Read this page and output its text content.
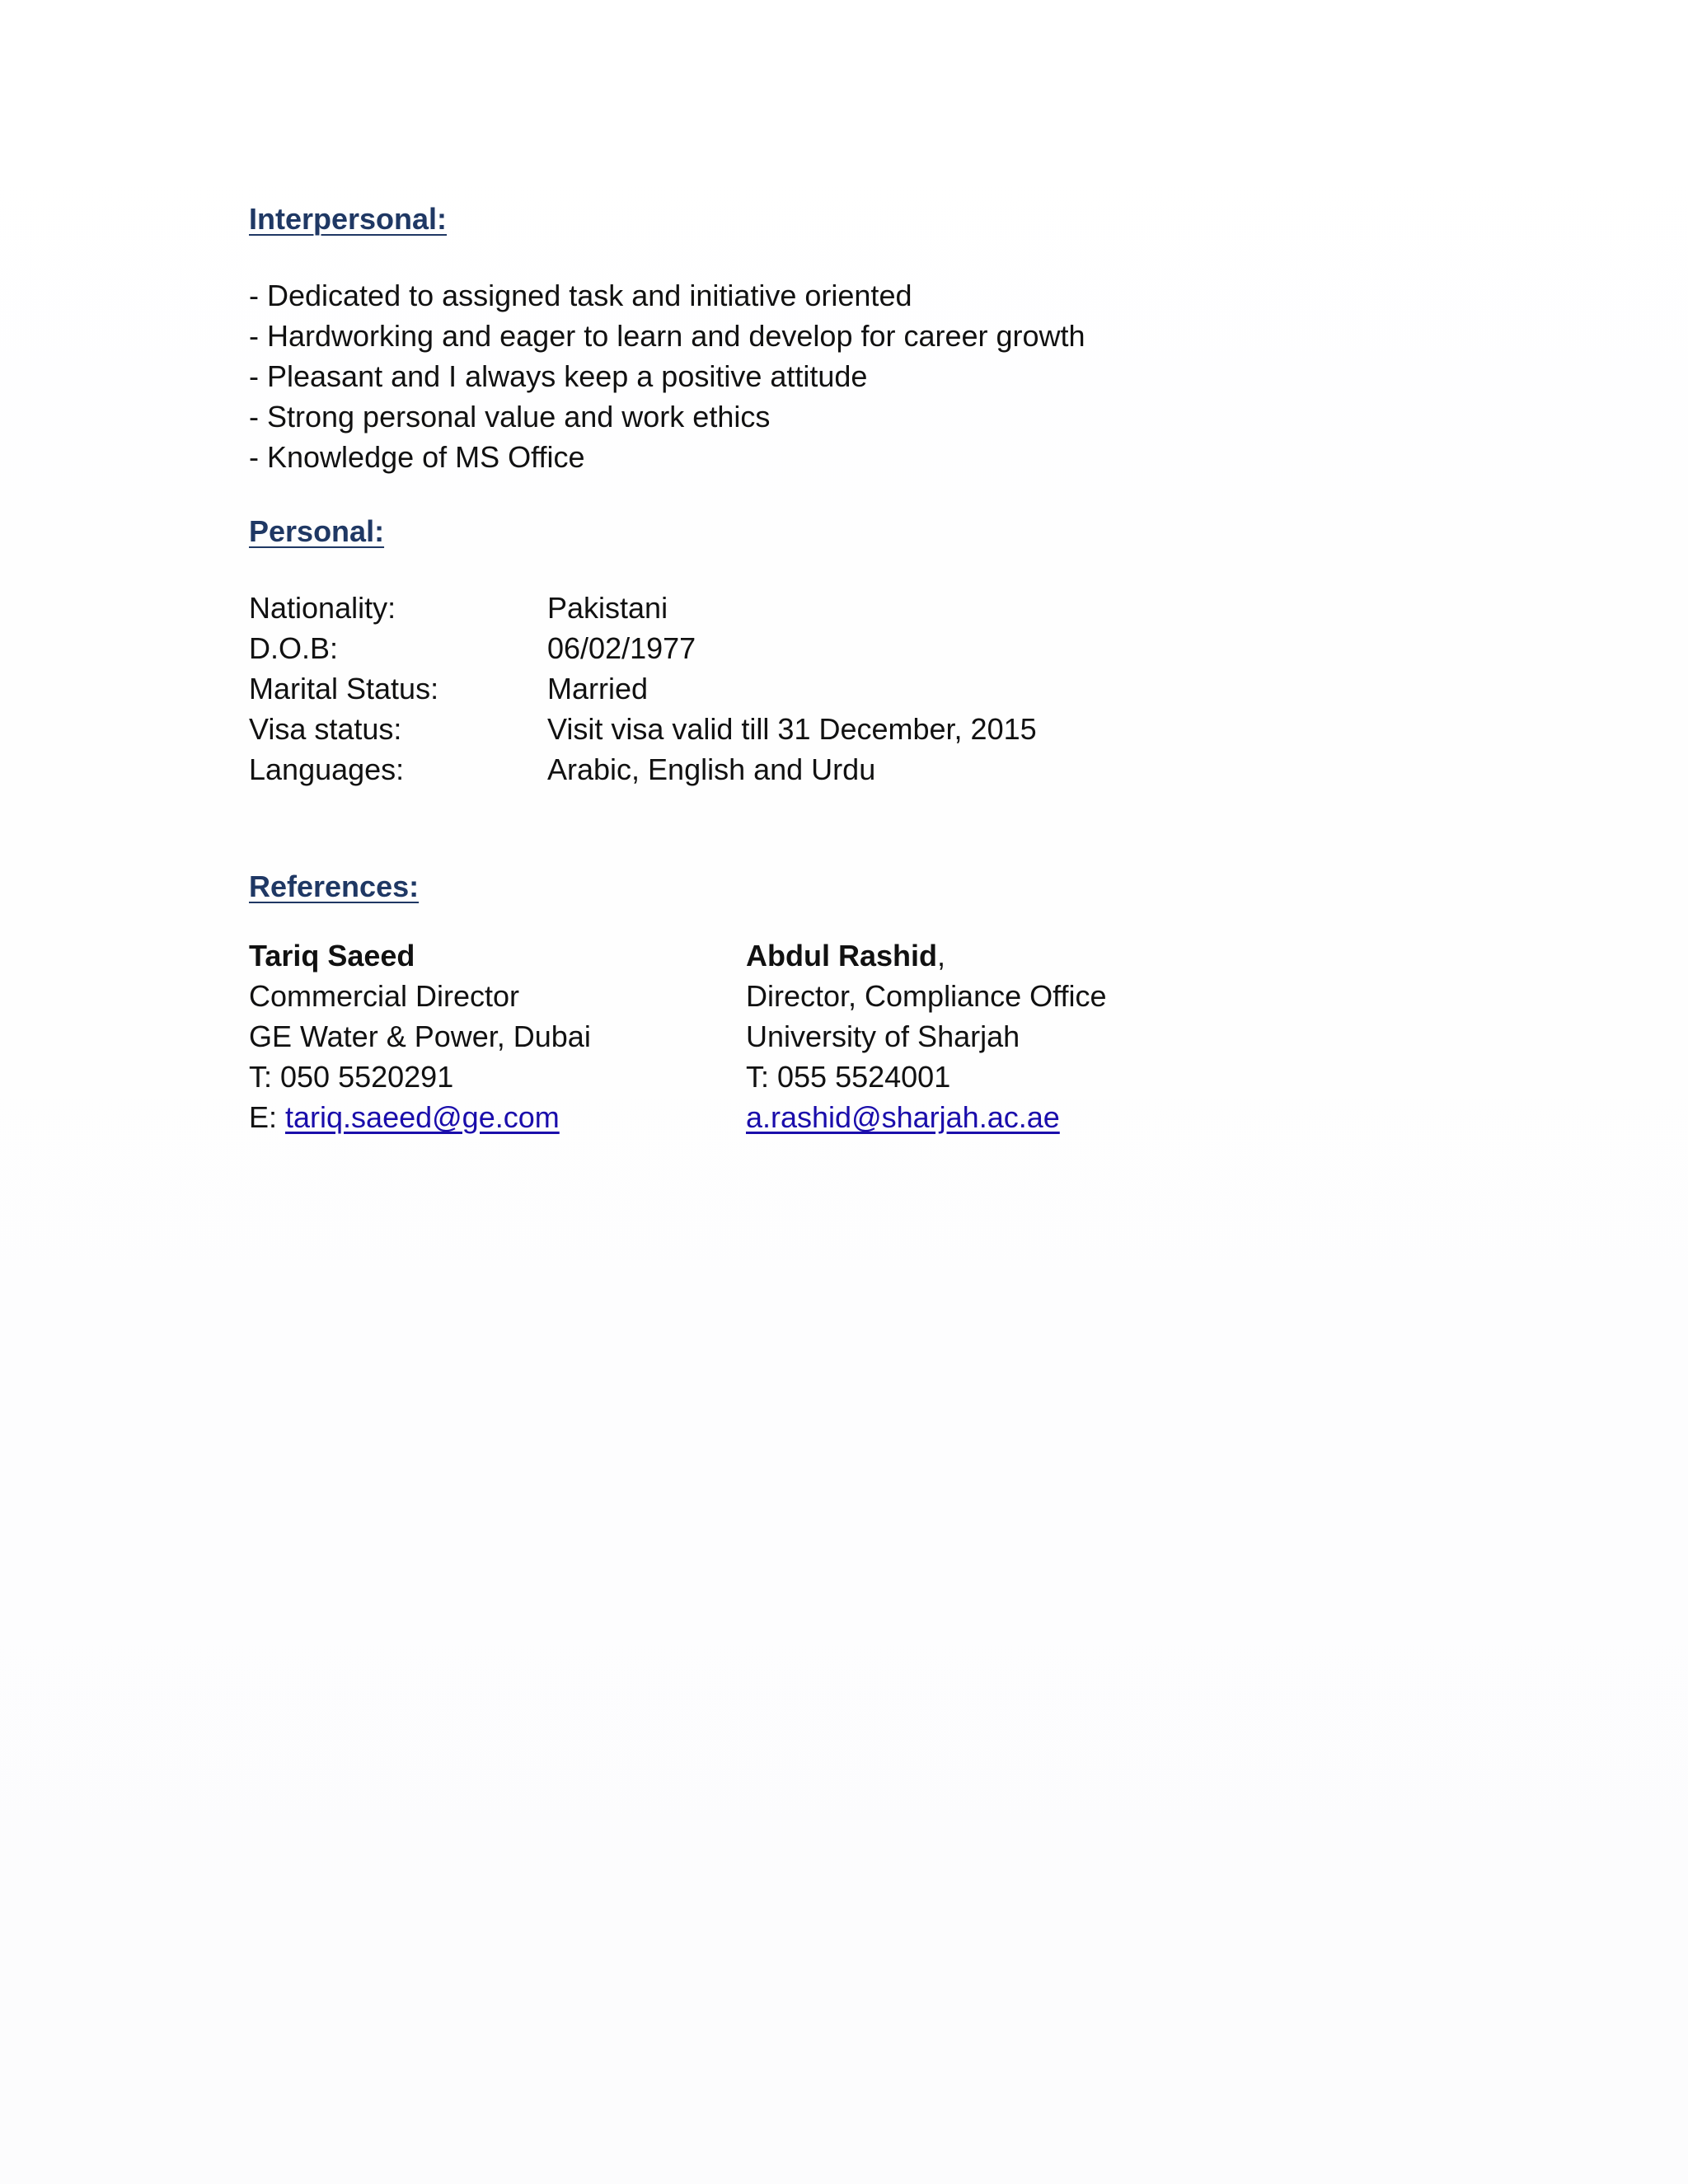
Interpersonal:
- Dedicated to assigned task and initiative oriented
- Hardworking and eager to learn and develop for career growth
- Pleasant and I always keep a positive attitude
- Strong personal value and work ethics
- Knowledge of MS Office
Personal:
Nationality:	Pakistani
D.O.B:	06/02/1977
Marital Status:	Married
Visa status:	Visit visa valid till 31 December, 2015
Languages:	Arabic, English and Urdu
References:
Tariq Saeed
Commercial Director
GE Water & Power, Dubai
T: 050 5520291
E: tariq.saeed@ge.com
Abdul Rashid,
Director, Compliance Office
University of Sharjah
T: 055 5524001
a.rashid@sharjah.ac.ae
